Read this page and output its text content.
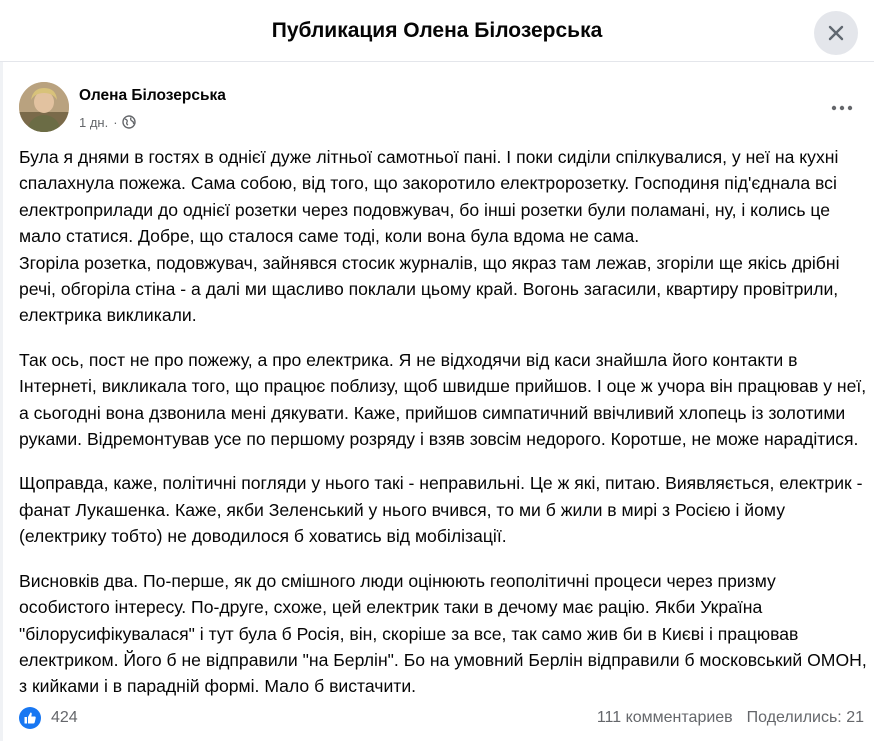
Публикация Олена Білозерська
Олена Білозерська
1 дн. ·

Була я днями в гостях в однієї дуже літньої самотньої пані. І поки сиділи спілкувалися, у неї на кухні спалахнула пожежа. Сама собою, від того, що закоротило електророзетку. Господиня під'єднала всі електроприлади до однієї розетки через подовжувач, бо інші розетки були поламані, ну, і колись це мало статися. Добре, що сталося саме тоді, коли вона була вдома не сама.
Згоріла розетка, подовжувач, зайнявся стосик журналів, що якраз там лежав, згоріли ще якісь дрібні речі, обгоріла стіна - а далі ми щасливо поклали цьому край. Вогонь загасили, квартиру провітрили, електрика викликали.

Так ось, пост не про пожежу, а про електрика. Я не відходячи від каси знайшла його контакти в Інтернеті, викликала того, що працює поблизу, щоб швидше прийшов. І оце ж учора він працював у неї, а сьогодні вона дзвонила мені дякувати. Каже, прийшов симпатичний ввічливий хлопець із золотими руками. Відремонтував усе по першому розряду і взяв зовсім недорого. Коротше, не може нарадітися.

Щоправда, каже, політичні погляди у нього такі - неправильні. Це ж які, питаю. Виявляється, електрик - фанат Лукашенка. Каже, якби Зеленський у нього вчився, то ми б жили в мирі з Росією і йому (електрику тобто) не доводилося б ховатись від мобілізації.

Висновків два. По-перше, як до смішного люди оцінюють геополітичні процеси через призму особистого інтересу. По-друге, схоже, цей електрик таки в дечому має рацію. Якби Україна "білорусифікувалася" і тут була б Росія, він, скоріше за все, так само жив би в Києві і працював електриком. Його б не відправили "на Берлін". Бо на умовний Берлін відправили б московський ОМОН, з кийками і в парадній формі. Мало б вистачити.

424	111 комментариев Поделились: 21
